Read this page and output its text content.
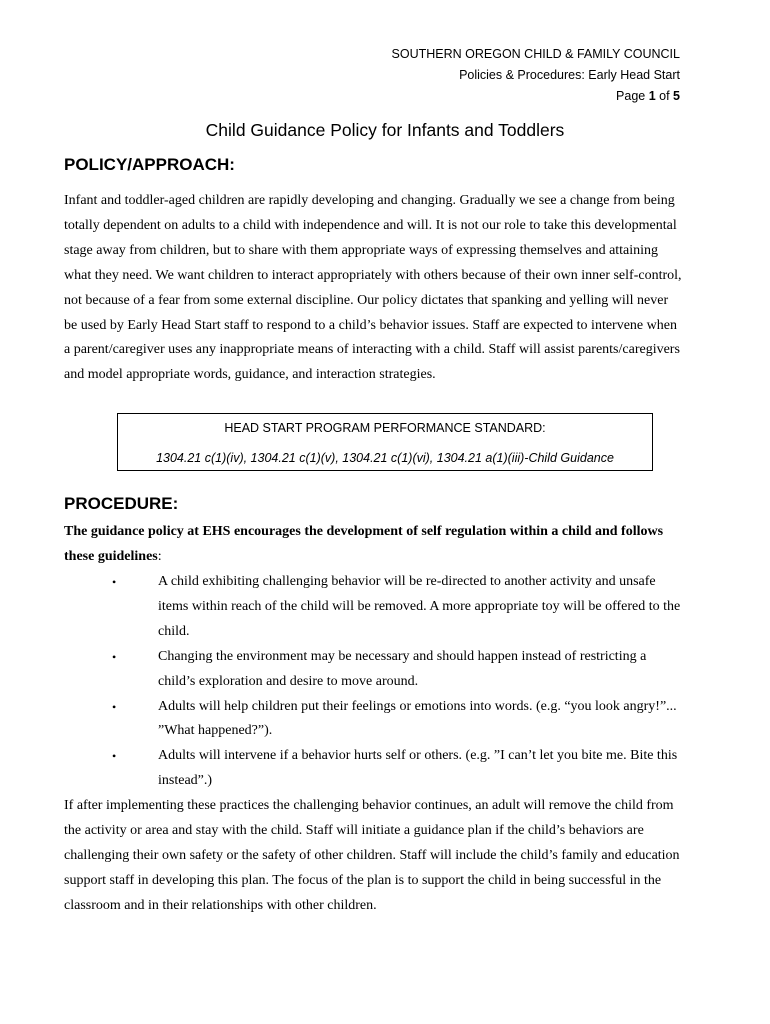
SOUTHERN OREGON CHILD & FAMILY COUNCIL
Policies & Procedures: Early Head Start
Page 1 of 5
Child Guidance Policy for Infants and Toddlers
POLICY/APPROACH:
Infant and toddler-aged children are rapidly developing and changing. Gradually we see a change from being totally dependent on adults to a child with independence and will. It is not our role to take this developmental stage away from children, but to share with them appropriate ways of expressing themselves and attaining what they need. We want children to interact appropriately with others because of their own inner self-control, not because of a fear from some external discipline. Our policy dictates that spanking and yelling will never be used by Early Head Start staff to respond to a child’s behavior issues. Staff are expected to intervene when a parent/caregiver uses any inappropriate means of interacting with a child. Staff will assist parents/caregivers and model appropriate words, guidance, and interaction strategies.
HEAD START PROGRAM PERFORMANCE STANDARD:
1304.21 c(1)(iv), 1304.21 c(1)(v), 1304.21 c(1)(vi), 1304.21 a(1)(iii)-Child Guidance
PROCEDURE:
The guidance policy at EHS encourages the development of self regulation within a child and follows these guidelines:
•	A child exhibiting challenging behavior will be re-directed to another activity and unsafe items within reach of the child will be removed. A more appropriate toy will be offered to the child.
•	Changing the environment may be necessary and should happen instead of restricting a child’s exploration and desire to move around.
•	Adults will help children put their feelings or emotions into words. (e.g. “you look angry!”... ”What happened?”).
•	Adults will intervene if a behavior hurts self or others. (e.g. ”I can’t let you bite me. Bite this instead”.)
If after implementing these practices the challenging behavior continues, an adult will remove the child from the activity or area and stay with the child. Staff will initiate a guidance plan if the child’s behaviors are challenging their own safety or the safety of other children. Staff will include the child’s family and education support staff in developing this plan. The focus of the plan is to support the child in being successful in the classroom and in their relationships with other children.
